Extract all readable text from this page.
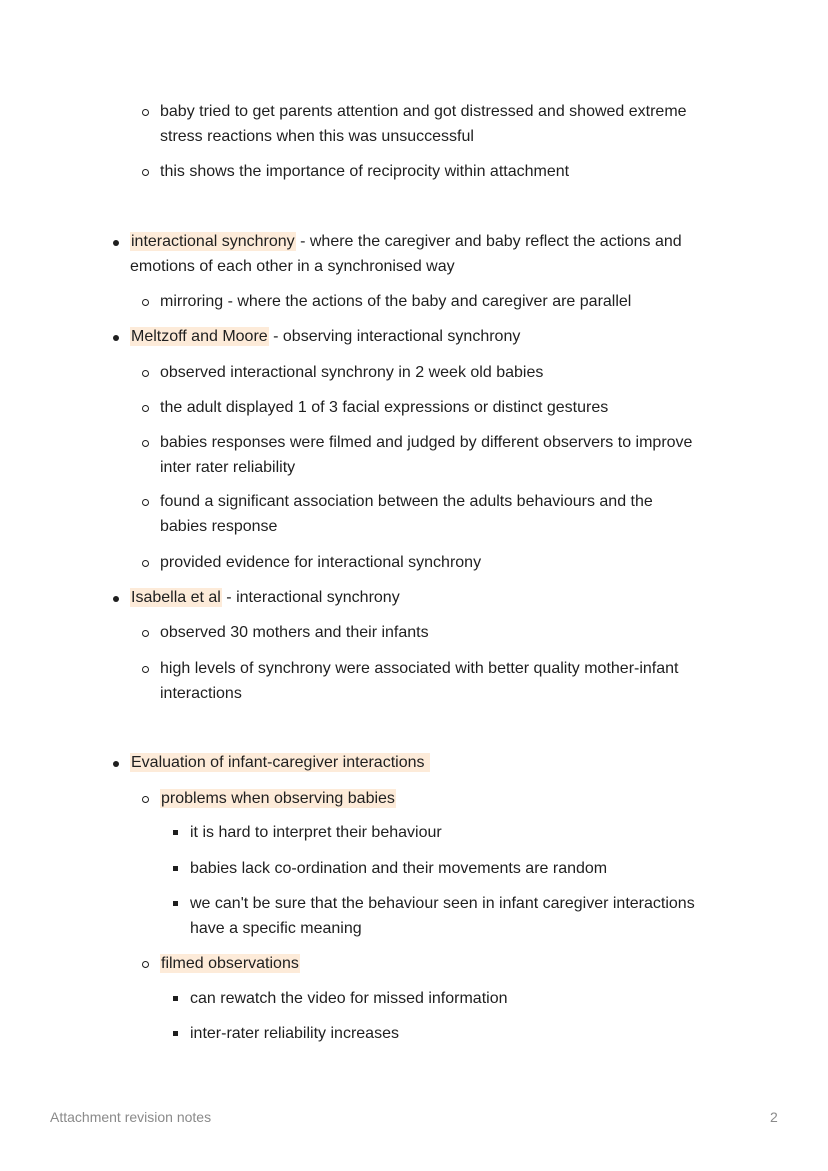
baby tried to get parents attention and got distressed and showed extreme
stress reactions when this was unsuccessful
this shows the importance of reciprocity within attachment
interactional synchrony - where the caregiver and baby reflect the actions and
emotions of each other in a synchronised way
mirroring - where the actions of the baby and caregiver are parallel
Meltzoff and Moore - observing interactional synchrony
observed interactional synchrony in 2 week old babies
the adult displayed 1 of 3 facial expressions or distinct gestures
babies responses were filmed and judged by different observers to improve
inter rater reliability
found a significant association between the adults behaviours and the
babies response
provided evidence for interactional synchrony
Isabella et al - interactional synchrony
observed 30 mothers and their infants
high levels of synchrony were associated with better quality mother-infant
interactions
Evaluation of infant-caregiver interactions
problems when observing babies
it is hard to interpret their behaviour
babies lack co-ordination and their movements are random
we can't be sure that the behaviour seen in infant caregiver interactions
have a specific meaning
filmed observations
can rewatch the video for missed information
inter-rater reliability increases
Attachment revision notes	2
